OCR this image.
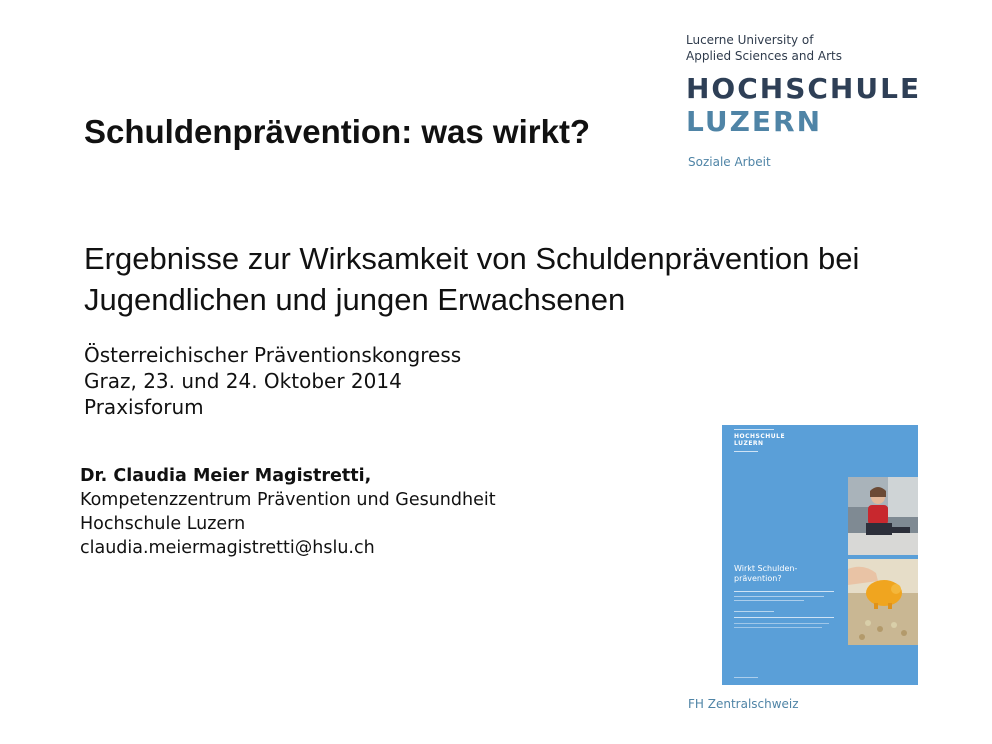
Lucerne University of
Applied Sciences and Arts
HOCHSCHULE
LUZERN
Soziale Arbeit
Schuldenprävention: was wirkt?
Ergebnisse zur Wirksamkeit von Schuldenprävention bei
Jugendlichen und jungen Erwachsenen
Österreichischer Präventionskongress
Graz, 23. und 24. Oktober 2014
Praxisforum
Dr. Claudia Meier Magistretti,
Kompetenzzentrum Prävention und Gesundheit
Hochschule Luzern
claudia.meiermagistretti@hslu.ch
HOCHSCHULE
LUZERN
Wirkt Schulden-
prävention?
FH Zentralschweiz
